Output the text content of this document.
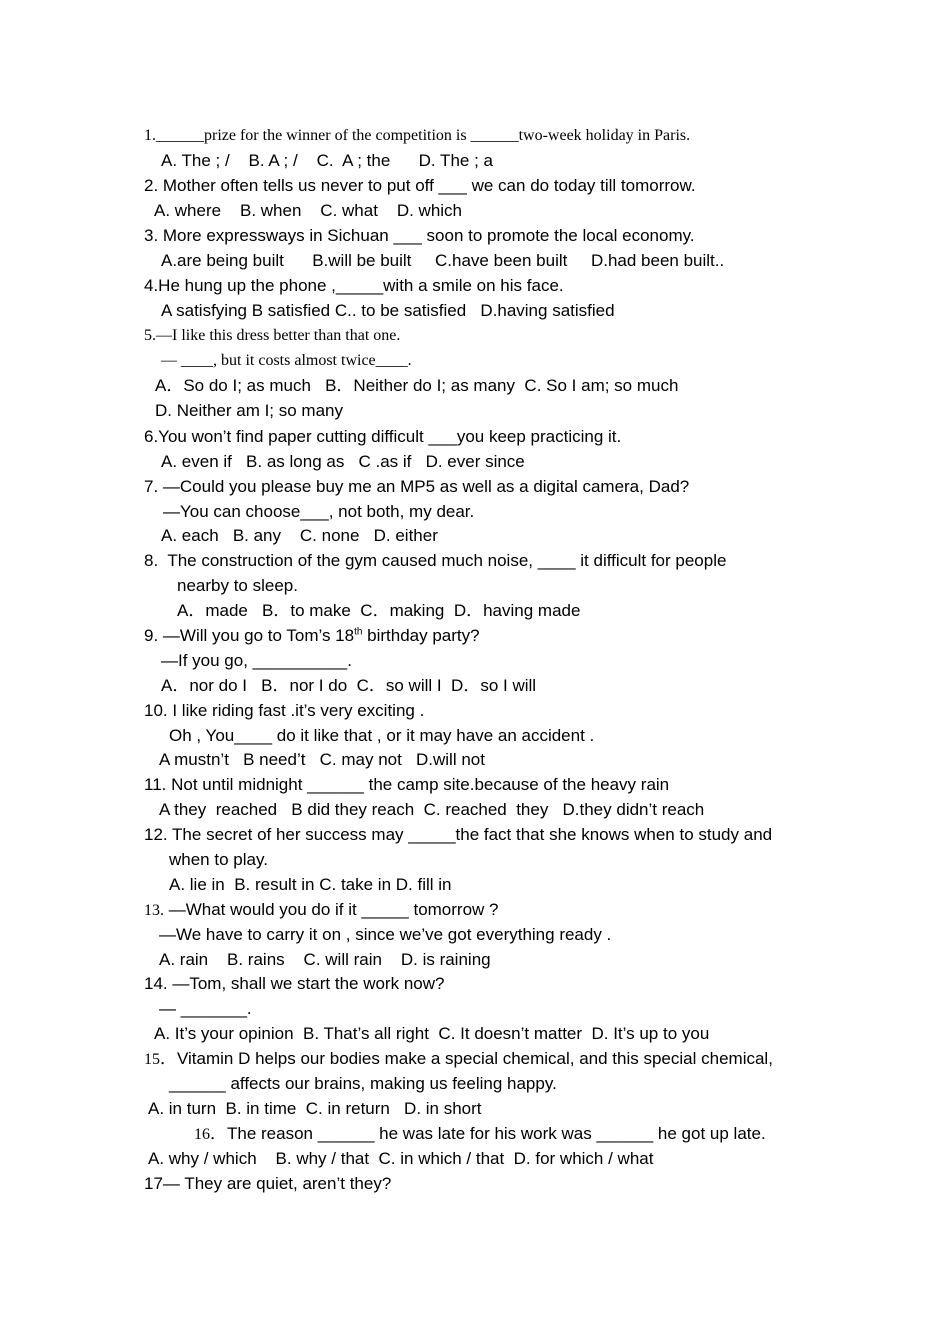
1.______prize for the winner of the competition is ______two-week holiday in Paris.
A. The ; /    B. A ; /    C.  A ; the      D. The ; a
2. Mother often tells us never to put off ___ we can do today till tomorrow.
A. where    B. when    C. what    D. which
3. More expressways in Sichuan ___ soon to promote the local economy.
A.are being built      B.will be built     C.have been built     D.had been built..
4.He hung up the phone ,_____with a smile on his face.
A satisfying B satisfied C.. to be satisfied   D.having satisfied
5.—I like this dress better than that one.
— ____, but it costs almost twice____.
A．So do I; as much   B．Neither do I; as many  C. So I am; so much
D. Neither am I; so many
6.You won’t find paper cutting difficult ___you keep practicing it.
A. even if   B. as long as   C .as if   D. ever since
7. —Could you please buy me an MP5 as well as a digital camera, Dad?
—You can choose___, not both, my dear.
A. each   B. any    C. none   D. either
8.  The construction of the gym caused much noise, ____ it difficult for people
nearby to sleep.
A．made   B．to make  C．making  D．having made
9. —Will you go to Tom’s 18th birthday party?
—If you go, __________.
A．nor do I   B．nor I do  C．so will I  D．so I will
10. I like riding fast .it’s very exciting .
Oh , You____ do it like that , or it may have an accident .
A mustn’t   B need’t   C. may not   D.will not
11. Not until midnight ______ the camp site.because of the heavy rain
A they  reached   B did they reach  C. reached  they   D.they didn’t reach
12. The secret of her success may _____the fact that she knows when to study and
when to play.
A. lie in  B. result in C. take in D. fill in
13. —What would you do if it _____ tomorrow ?
—We have to carry it on , since we’ve got everything ready .
A. rain    B. rains    C. will rain    D. is raining
14. —Tom, shall we start the work now?
— _______.
A. It’s your opinion  B. That’s all right  C. It doesn’t matter  D. It’s up to you
15．Vitamin D helps our bodies make a special chemical, and this special chemical,
______ affects our brains, making us feeling happy.
A. in turn  B. in time  C. in return   D. in short
16．The reason ______ he was late for his work was ______ he got up late.
A. why / which    B. why / that  C. in which / that  D. for which / what
17— They are quiet, aren’t they?
